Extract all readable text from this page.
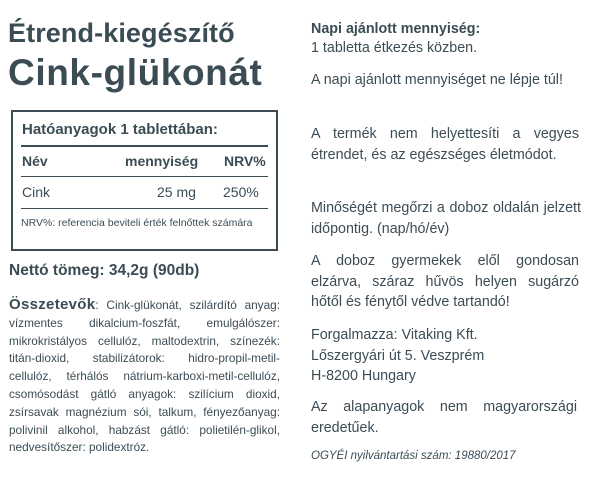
Étrend-kiegészítő
Cink-glükonát
Hatóanyagok 1 tablettában:
Név	mennyiség NRV%
Cink	25 mg 250%
NRV%: referencia beviteli érték felnőttek számára
Nettó tömeg: 34,2g (90db)
Összetevők: Cink-glükonát, szilárdító anyag: vízmentes dikalcium-foszfát, emulgálószer: mikrokristályos cellulóz, maltodextrin, színezék: titán-dioxid, stabilizátorok: hidro-propil-metil-cellulóz, térhálós nátrium-karboxi-metil-cellulóz, csomósodást gátló anyagok: szilícium dioxid, zsírsavak magnézium sói, talkum, fényezőanyag: polivinil alkohol, habzást gátló: polietilén-glikol, nedvesítőszer: polidextróz.
Napi ajánlott mennyiség:
1 tabletta étkezés közben.
A napi ajánlott mennyiséget ne lépje túl!
A termék nem helyettesíti a vegyes étrendet, és az egészséges életmódot.
Minőségét megőrzi a doboz oldalán jelzett időpontig. (nap/hó/év)
A doboz gyermekek elől gondosan elzárva, száraz hűvös helyen sugárzó hőtől és fénytől védve tartandó!
Forgalmazza: Vitaking Kft.
Lőszergyári út 5. Veszprém
H-8200 Hungary
Az alapanyagok nem magyarországi eredetűek.
OGYÉI nyilvántartási szám: 19880/2017
